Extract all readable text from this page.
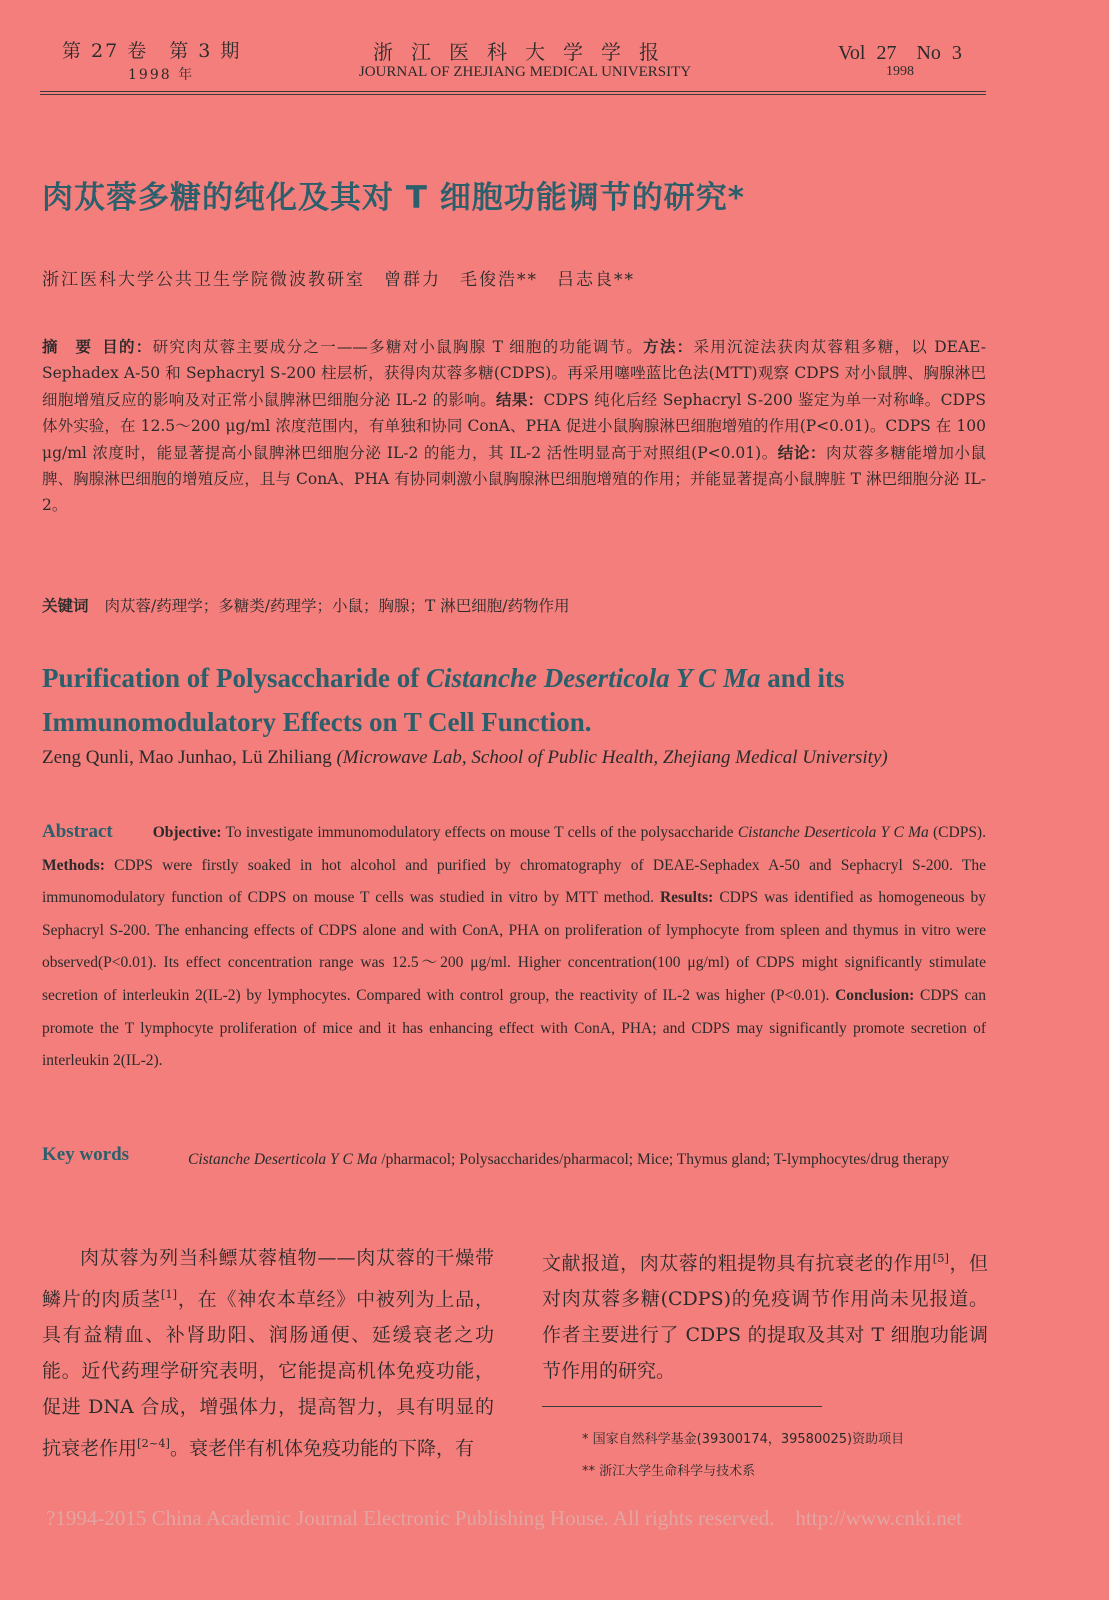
第 27 卷　第 3 期
1998 年
浙江医科大学学报
JOURNAL OF ZHEJIANG MEDICAL UNIVERSITY
Vol 27　No 3
1998
肉苁蓉多糖的纯化及其对 T 细胞功能调节的研究*
浙江医科大学公共卫生学院微波教研室　曾群力　毛俊浩**　吕志良**
摘　要 目的：研究肉苁蓉主要成分之一——多糖对小鼠胸腺 T 细胞的功能调节。方法：采用沉淀法获肉苁蓉粗多糖，以 DEAE-Sephadex A-50 和 Sephacryl S-200 柱层析，获得肉苁蓉多糖(CDPS)。再采用噻唑蓝比色法(MTT)观察 CDPS 对小鼠脾、胸腺淋巴细胞增殖反应的影响及对正常小鼠脾淋巴细胞分泌 IL-2 的影响。结果：CDPS 纯化后经 Sephacryl S-200 鉴定为单一对称峰。CDPS 体外实验，在 12.5～200 μg/ml 浓度范围内，有单独和协同 ConA、PHA 促进小鼠胸腺淋巴细胞增殖的作用(P<0.01)。CDPS 在 100 μg/ml 浓度时，能显著提高小鼠脾淋巴细胞分泌 IL-2 的能力，其 IL-2 活性明显高于对照组(P<0.01)。结论：肉苁蓉多糖能增加小鼠脾、胸腺淋巴细胞的增殖反应，且与 ConA、PHA 有协同刺激小鼠胸腺淋巴细胞增殖的作用；并能显著提高小鼠脾脏 T 淋巴细胞分泌 IL-2。
关键词 肉苁蓉/药理学；多糖类/药理学；小鼠；胸腺；T 淋巴细胞/药物作用
Purification of Polysaccharide of Cistanche Deserticola Y C Ma and its Immunomodulatory Effects on T Cell Function.
Zeng Qunli, Mao Junhao, Lü Zhiliang (Microwave Lab, School of Public Health, Zhejiang Medical University)
Abstract	Objective: To investigate immunomodulatory effects on mouse T cells of the polysaccharide Cistanche Deserticola Y C Ma (CDPS). Methods: CDPS were firstly soaked in hot alcohol and purified by chromatography of DEAE-Sephadex A-50 and Sephacryl S-200. The immunomodulatory function of CDPS on mouse T cells was studied in vitro by MTT method. Results: CDPS was identified as homogeneous by Sephacryl S-200. The enhancing effects of CDPS alone and with ConA, PHA on proliferation of lymphocyte from spleen and thymus in vitro were observed(P<0.01). Its effect concentration range was 12.5～200 μg/ml. Higher concentration(100 μg/ml) of CDPS might significantly stimulate secretion of interleukin 2(IL-2) by lymphocytes. Compared with control group, the reactivity of IL-2 was higher (P<0.01). Conclusion: CDPS can promote the T lymphocyte proliferation of mice and it has enhancing effect with ConA, PHA; and CDPS may significantly promote secretion of interleukin 2(IL-2).
Key words	Cistanche Deserticola Y C Ma /pharmacol; Polysaccharides/pharmacol; Mice; Thymus gland; T-lymphocytes/drug therapy
肉苁蓉为列当科鳔苁蓉植物——肉苁蓉的干燥带鳞片的肉质茎[1]，在《神农本草经》中被列为上品，具有益精血、补肾助阳、润肠通便、延缓衰老之功能。近代药理学研究表明，它能提高机体免疫功能，促进 DNA 合成，增强体力，提高智力，具有明显的抗衰老作用[2~4]。衰老伴有机体免疫功能的下降，有
文献报道，肉苁蓉的粗提物具有抗衰老的作用[5]，但对肉苁蓉多糖(CDPS)的免疫调节作用尚未见报道。作者主要进行了 CDPS 的提取及其对 T 细胞功能调节作用的研究。
* 国家自然科学基金(39300174，39580025)资助项目
** 浙江大学生命科学与技术系
?1994-2015 China Academic Journal Electronic Publishing House. All rights reserved.　http://www.cnki.net
